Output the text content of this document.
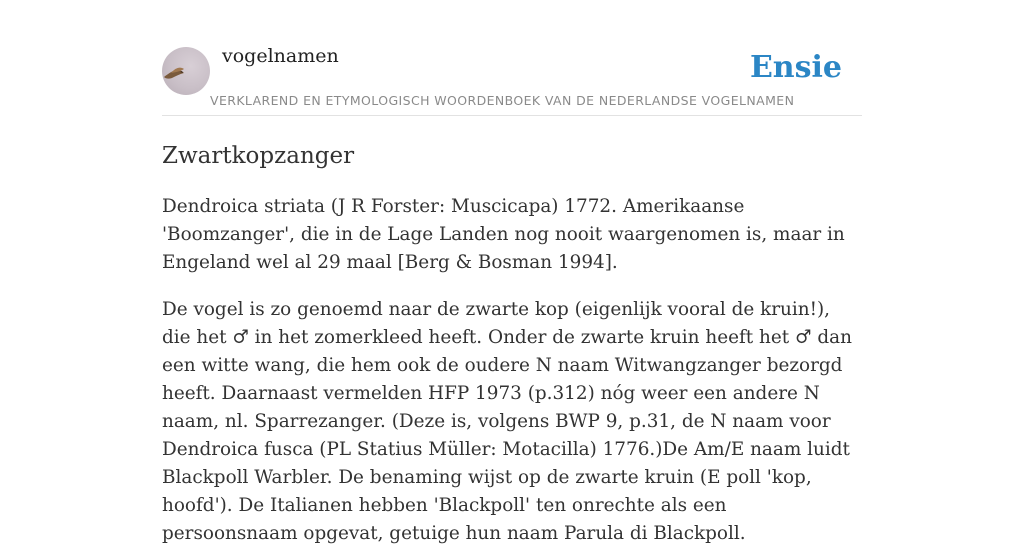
vogelnamen	Ensie
VERKLAREND EN ETYMOLOGISCH WOORDENBOEK VAN DE NEDERLANDSE VOGELNAMEN
Zwartkopzanger

Dendroica striata (J R Forster: Muscicapa) 1772. Amerikaanse 'Boomzanger', die in de Lage Landen nog nooit waargenomen is, maar in Engeland wel al 29 maal [Berg & Bosman 1994].

De vogel is zo genoemd naar de zwarte kop (eigenlijk vooral de kruin!), die het ♂ in het zomerkleed heeft. Onder de zwarte kruin heeft het ♂ dan een witte wang, die hem ook de oudere N naam Witwangzanger bezorgd heeft. Daarnaast vermelden HFP 1973 (p.312) nóg weer een andere N naam, nl. Sparrezanger. (Deze is, volgens BWP 9, p.31, de N naam voor Dendroica fusca (PL Statius Müller: Motacilla) 1776.)De Am/E naam luidt Blackpoll Warbler. De benaming wijst op de zwarte kruin (E poll 'kop, hoofd'). De Italianen hebben 'Blackpoll' ten onrechte als een persoonsnaam opgevat, getuige hun naam Parula di Blackpoll.
